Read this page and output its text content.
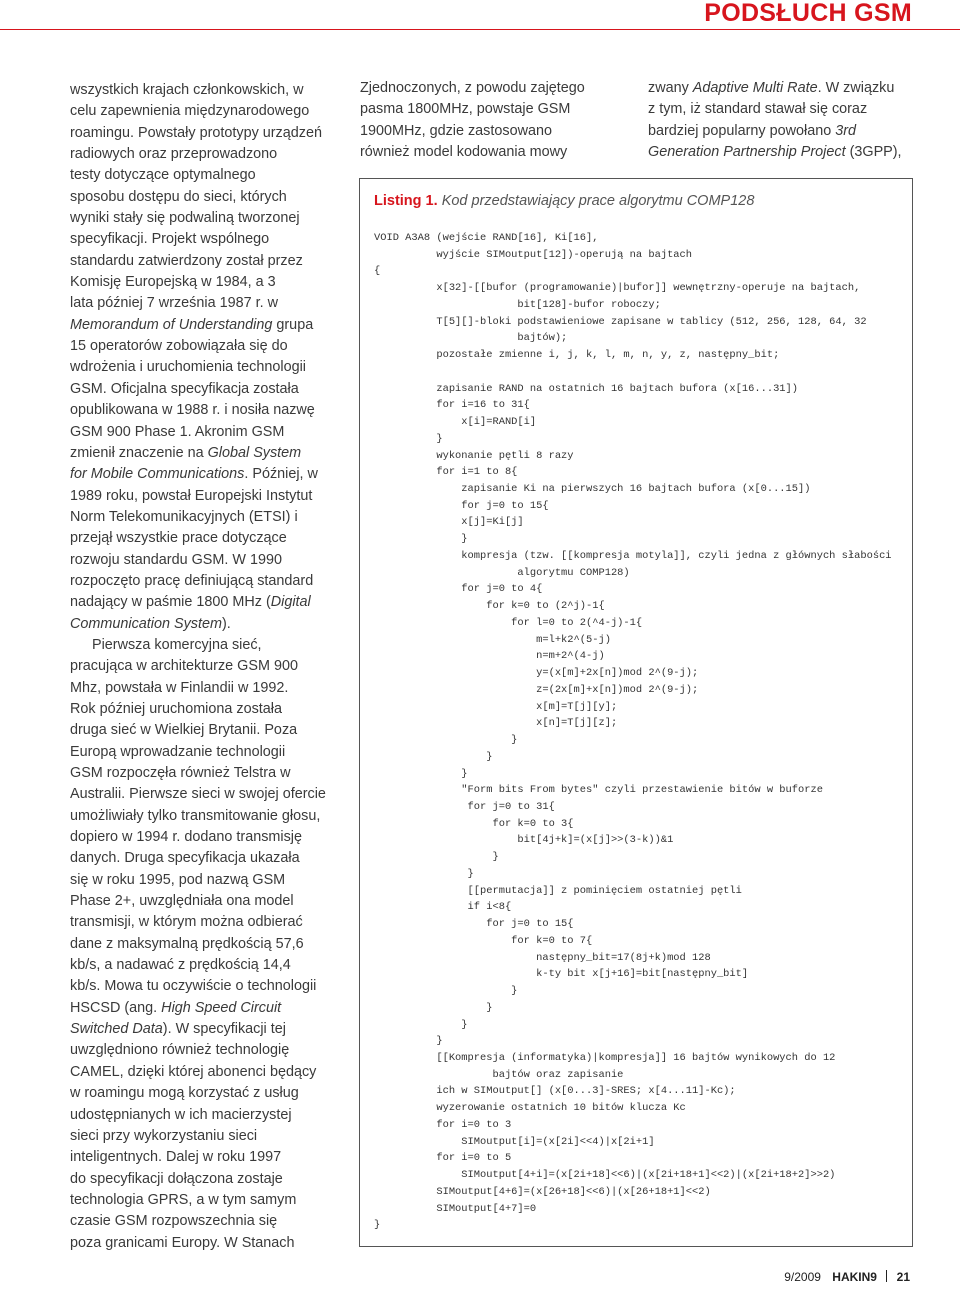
PODSŁUCH GSM
wszystkich krajach członkowskich, w
celu zapewnienia międzynarodowego
roamingu. Powstały prototypy urządzeń
radiowych oraz przeprowadzono
testy dotyczące optymalnego
sposobu dostępu do sieci, których
wyniki stały się podwaliną tworzonej
specyfikacji. Projekt wspólnego
standardu zatwierdzony został przez
Komisję Europejską w 1984, a 3
lata później 7 września 1987 r. w
Memorandum of Understanding grupa
15 operatorów zobowiązała się do
wdrożenia i uruchomienia technologii
GSM. Oficjalna specyfikacja została
opublikowana w 1988 r. i nosiła nazwę
GSM 900 Phase 1. Akronim GSM
zmienił znaczenie na Global System
for Mobile Communications. Później, w
1989 roku, powstał Europejski Instytut
Norm Telekomunikacyjnych (ETSI) i
przejął wszystkie prace dotyczące
rozwoju standardu GSM. W 1990
rozpoczęto pracę definiującą standard
nadający w paśmie 1800 MHz (Digital
Communication System).
Pierwsza komercyjna sieć,
pracująca w architekturze GSM 900
Mhz, powstała w Finlandii w 1992.
Rok później uruchomiona została
druga sieć w Wielkiej Brytanii. Poza
Europą wprowadzanie technologii
GSM rozpoczęła również Telstra w
Australii. Pierwsze sieci w swojej ofercie
umożliwiały tylko transmitowanie głosu,
dopiero w 1994 r. dodano transmisję
danych. Druga specyfikacja ukazała
się w roku 1995, pod nazwą GSM
Phase 2+, uwzględniała ona model
transmisji, w którym można odbierać
dane z maksymalną prędkością 57,6
kb/s, a nadawać z prędkością 14,4
kb/s. Mowa tu oczywiście o technologii
HSCSD (ang. High Speed Circuit
Switched Data). W specyfikacji tej
uwzględniono również technologię
CAMEL, dzięki której abonenci będący
w roamingu mogą korzystać z usług
udostępnianych w ich macierzystej
sieci przy wykorzystaniu sieci
inteligentnych. Dalej w roku 1997
do specyfikacji dołączona zostaje
technologia GPRS, a w tym samym
czasie GSM rozpowszechnia się
poza granicami Europy. W Stanach
Zjednoczonych, z powodu zajętego
pasma 1800MHz, powstaje GSM
1900MHz, gdzie zastosowano
również model kodowania mowy
zwany Adaptive Multi Rate. W związku
z tym, iż standard stawał się coraz
bardziej popularny powołano 3rd
Generation Partnership Project (3GPP),
Listing 1. Kod przedstawiający prace algorytmu COMP128
VOID A3A8 (wejście RAND[16], Ki[16],
wyjście SIMoutput[12])-operują na bajtach
{
x[32]-[[bufor (programowanie)|bufor]] wewnętrzny-operuje na bajtach,
bit[128]-bufor roboczy;
T[5][]-bloki podstawieniowe zapisane w tablicy (512, 256, 128, 64, 32
bajtów);
pozostałe zmienne i, j, k, l, m, n, y, z, następny_bit;
zapisanie RAND na ostatnich 16 bajtach bufora (x[16...31])
for i=16 to 31{
x[i]=RAND[i]
}
wykonanie pętli 8 razy
for i=1 to 8{
zapisanie Ki na pierwszych 16 bajtach bufora (x[0...15])
for j=0 to 15{
x[j]=Ki[j]
}
kompresja (tzw. [[kompresja motyla]], czyli jedna z głównych słabości
algorytmu COMP128)
for j=0 to 4{
for k=0 to (2^j)-1{
for l=0 to 2(^4-j)-1{
m=l+k2^(5-j)
n=m+2^(4-j)
y=(x[m]+2x[n])mod 2^(9-j);
z=(2x[m]+x[n])mod 2^(9-j);
x[m]=T[j][y];
x[n]=T[j][z];
}
}
}
"Form bits From bytes" czyli przestawienie bitów w buforze
for j=0 to 31{
for k=0 to 3{
bit[4j+k]=(x[j]>>(3-k))&1
}
}
[[permutacja]] z pominięciem ostatniej pętli
if i<8{
for j=0 to 15{
for k=0 to 7{
następny_bit=17(8j+k)mod 128
k-ty bit x[j+16]=bit[następny_bit]
}
}
}
}
[[Kompresja (informatyka)|kompresja]] 16 bajtów wynikowych do 12
bajtów oraz zapisanie
ich w SIMoutput[] (x[0...3]-SRES; x[4...11]-Kc);
wyzerowanie ostatnich 10 bitów klucza Kc
for i=0 to 3
SIMoutput[i]=(x[2i]<<4)|x[2i+1]
for i=0 to 5
SIMoutput[4+i]=(x[2i+18]<<6)|(x[2i+18+1]<<2)|(x[2i+18+2]>>2)
SIMoutput[4+6]=(x[26+18]<<6)|(x[26+18+1]<<2)
SIMoutput[4+7]=0
}
9/2009 HAKIN9 21
